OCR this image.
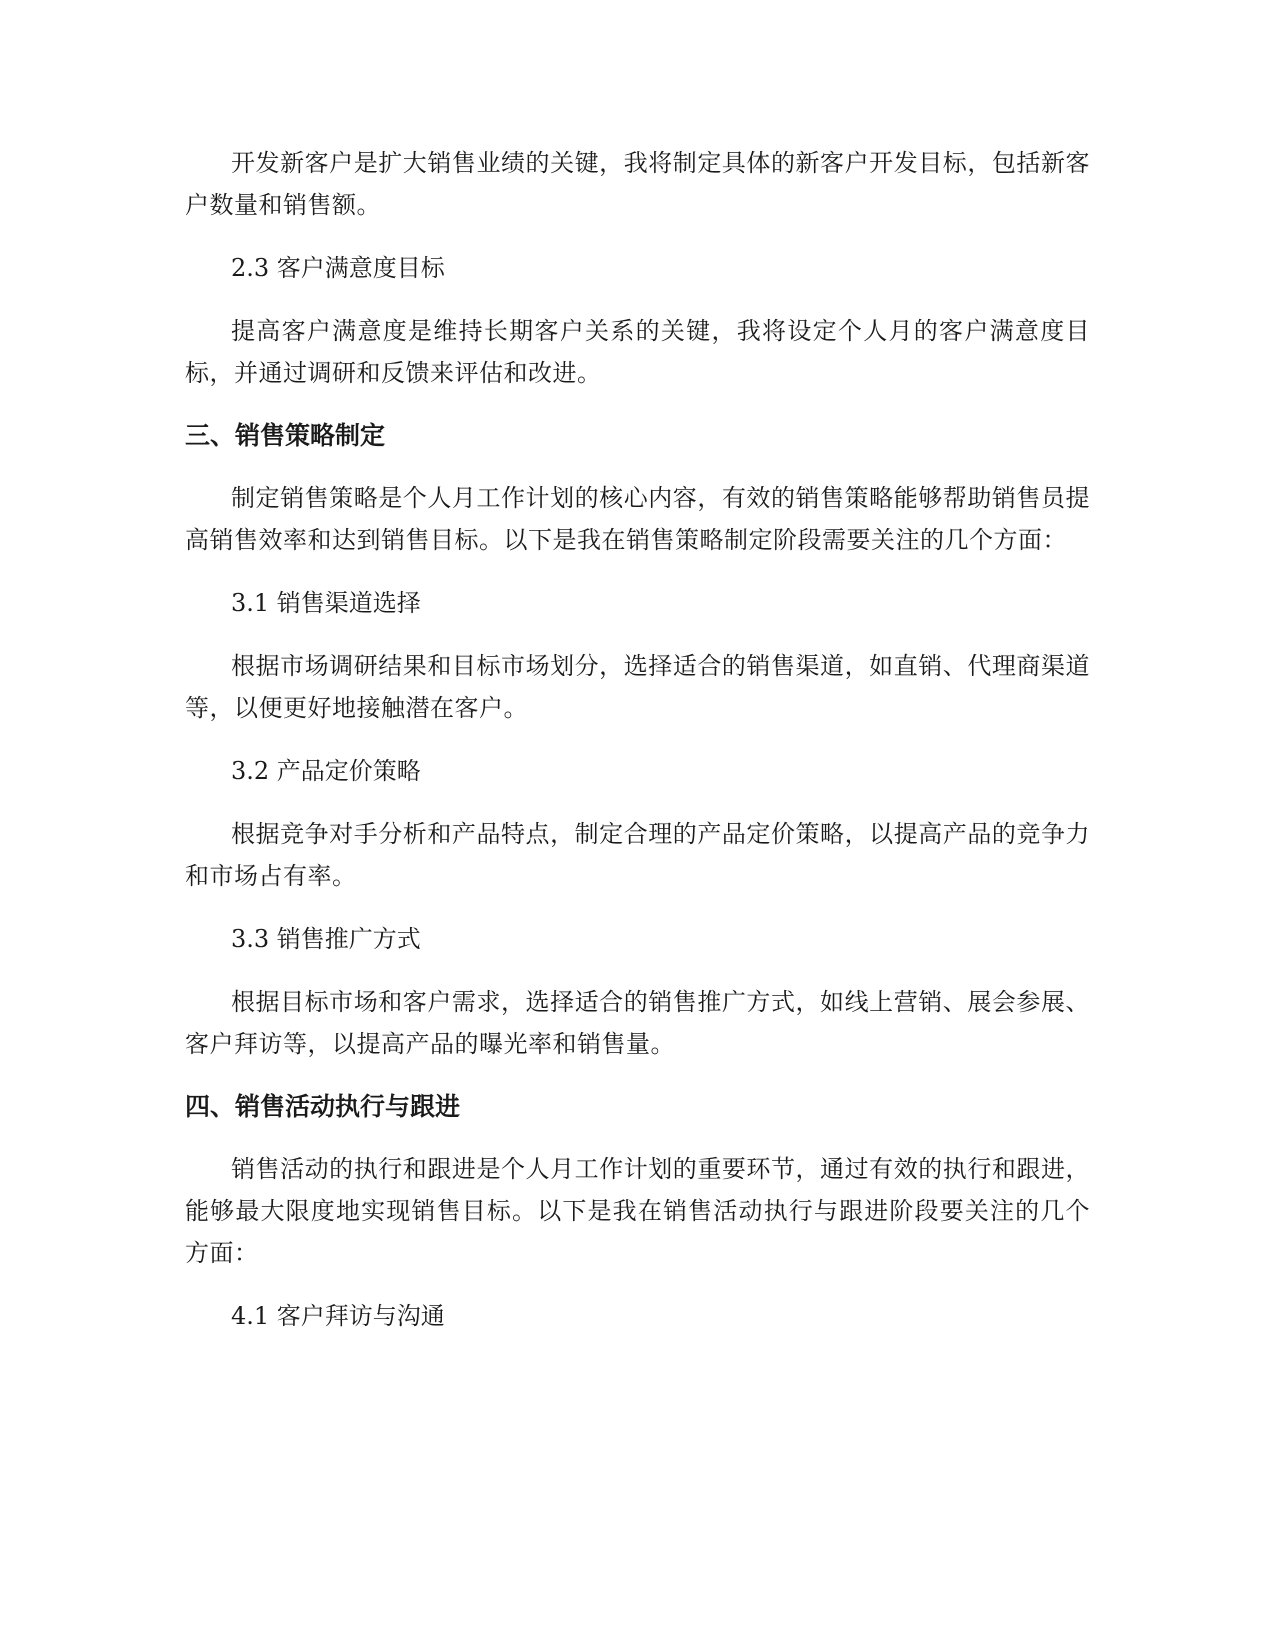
开发新客户是扩大销售业绩的关键，我将制定具体的新客户开发目标，包括新客户数量和销售额。

2.3 客户满意度目标

提高客户满意度是维持长期客户关系的关键，我将设定个人月的客户满意度目标，并通过调研和反馈来评估和改进。

三、销售策略制定

制定销售策略是个人月工作计划的核心内容，有效的销售策略能够帮助销售员提高销售效率和达到销售目标。以下是我在销售策略制定阶段需要关注的几个方面：

3.1 销售渠道选择

根据市场调研结果和目标市场划分，选择适合的销售渠道，如直销、代理商渠道等，以便更好地接触潜在客户。

3.2 产品定价策略

根据竞争对手分析和产品特点，制定合理的产品定价策略，以提高产品的竞争力和市场占有率。

3.3 销售推广方式

根据目标市场和客户需求，选择适合的销售推广方式，如线上营销、展会参展、客户拜访等，以提高产品的曝光率和销售量。

四、销售活动执行与跟进

销售活动的执行和跟进是个人月工作计划的重要环节，通过有效的执行和跟进，能够最大限度地实现销售目标。以下是我在销售活动执行与跟进阶段要关注的几个方面：

4.1 客户拜访与沟通
